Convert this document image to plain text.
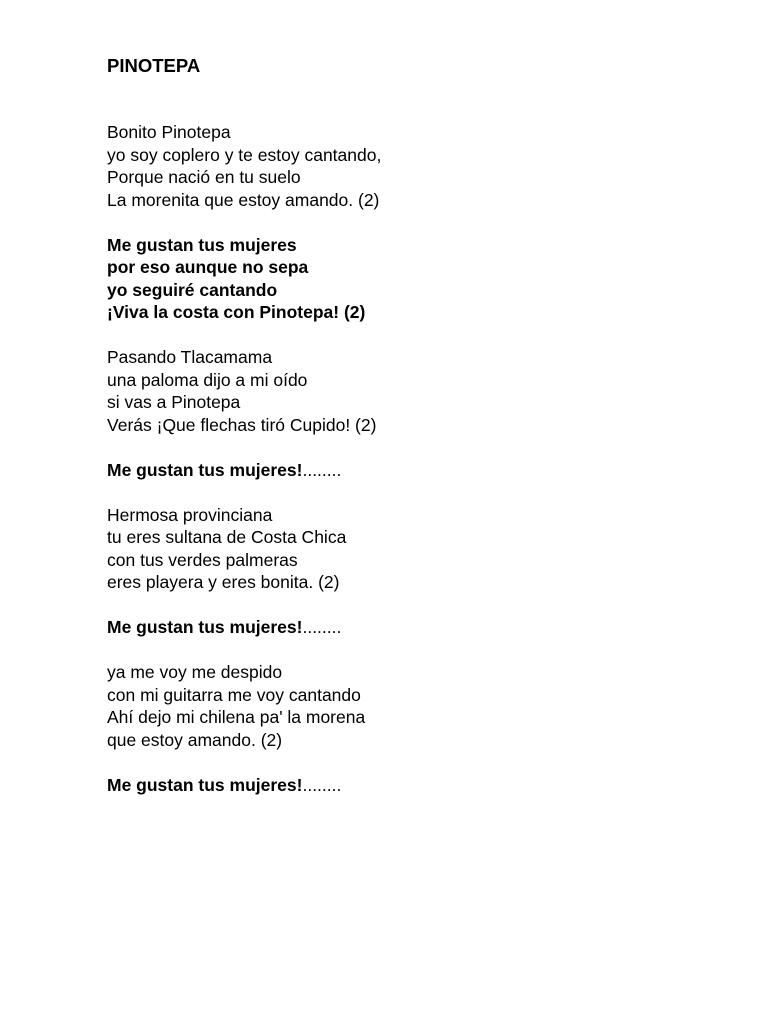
PINOTEPA
Bonito Pinotepa
yo soy coplero y te estoy cantando,
Porque nació en tu suelo
La morenita que estoy amando. (2)
Me gustan tus mujeres
por eso aunque no sepa
yo seguiré cantando
¡Viva la costa con Pinotepa! (2)
Pasando Tlacamama
una paloma dijo a mi oído
si vas a Pinotepa
Verás ¡Que flechas tiró Cupido! (2)
Me gustan tus mujeres!........
Hermosa provinciana
tu eres sultana de Costa Chica
con tus verdes palmeras
eres playera y eres bonita. (2)
Me gustan tus mujeres!........
ya me voy me despido
con mi guitarra me voy cantando
Ahí dejo mi chilena pa' la morena
que estoy amando. (2)
Me gustan tus mujeres!........
